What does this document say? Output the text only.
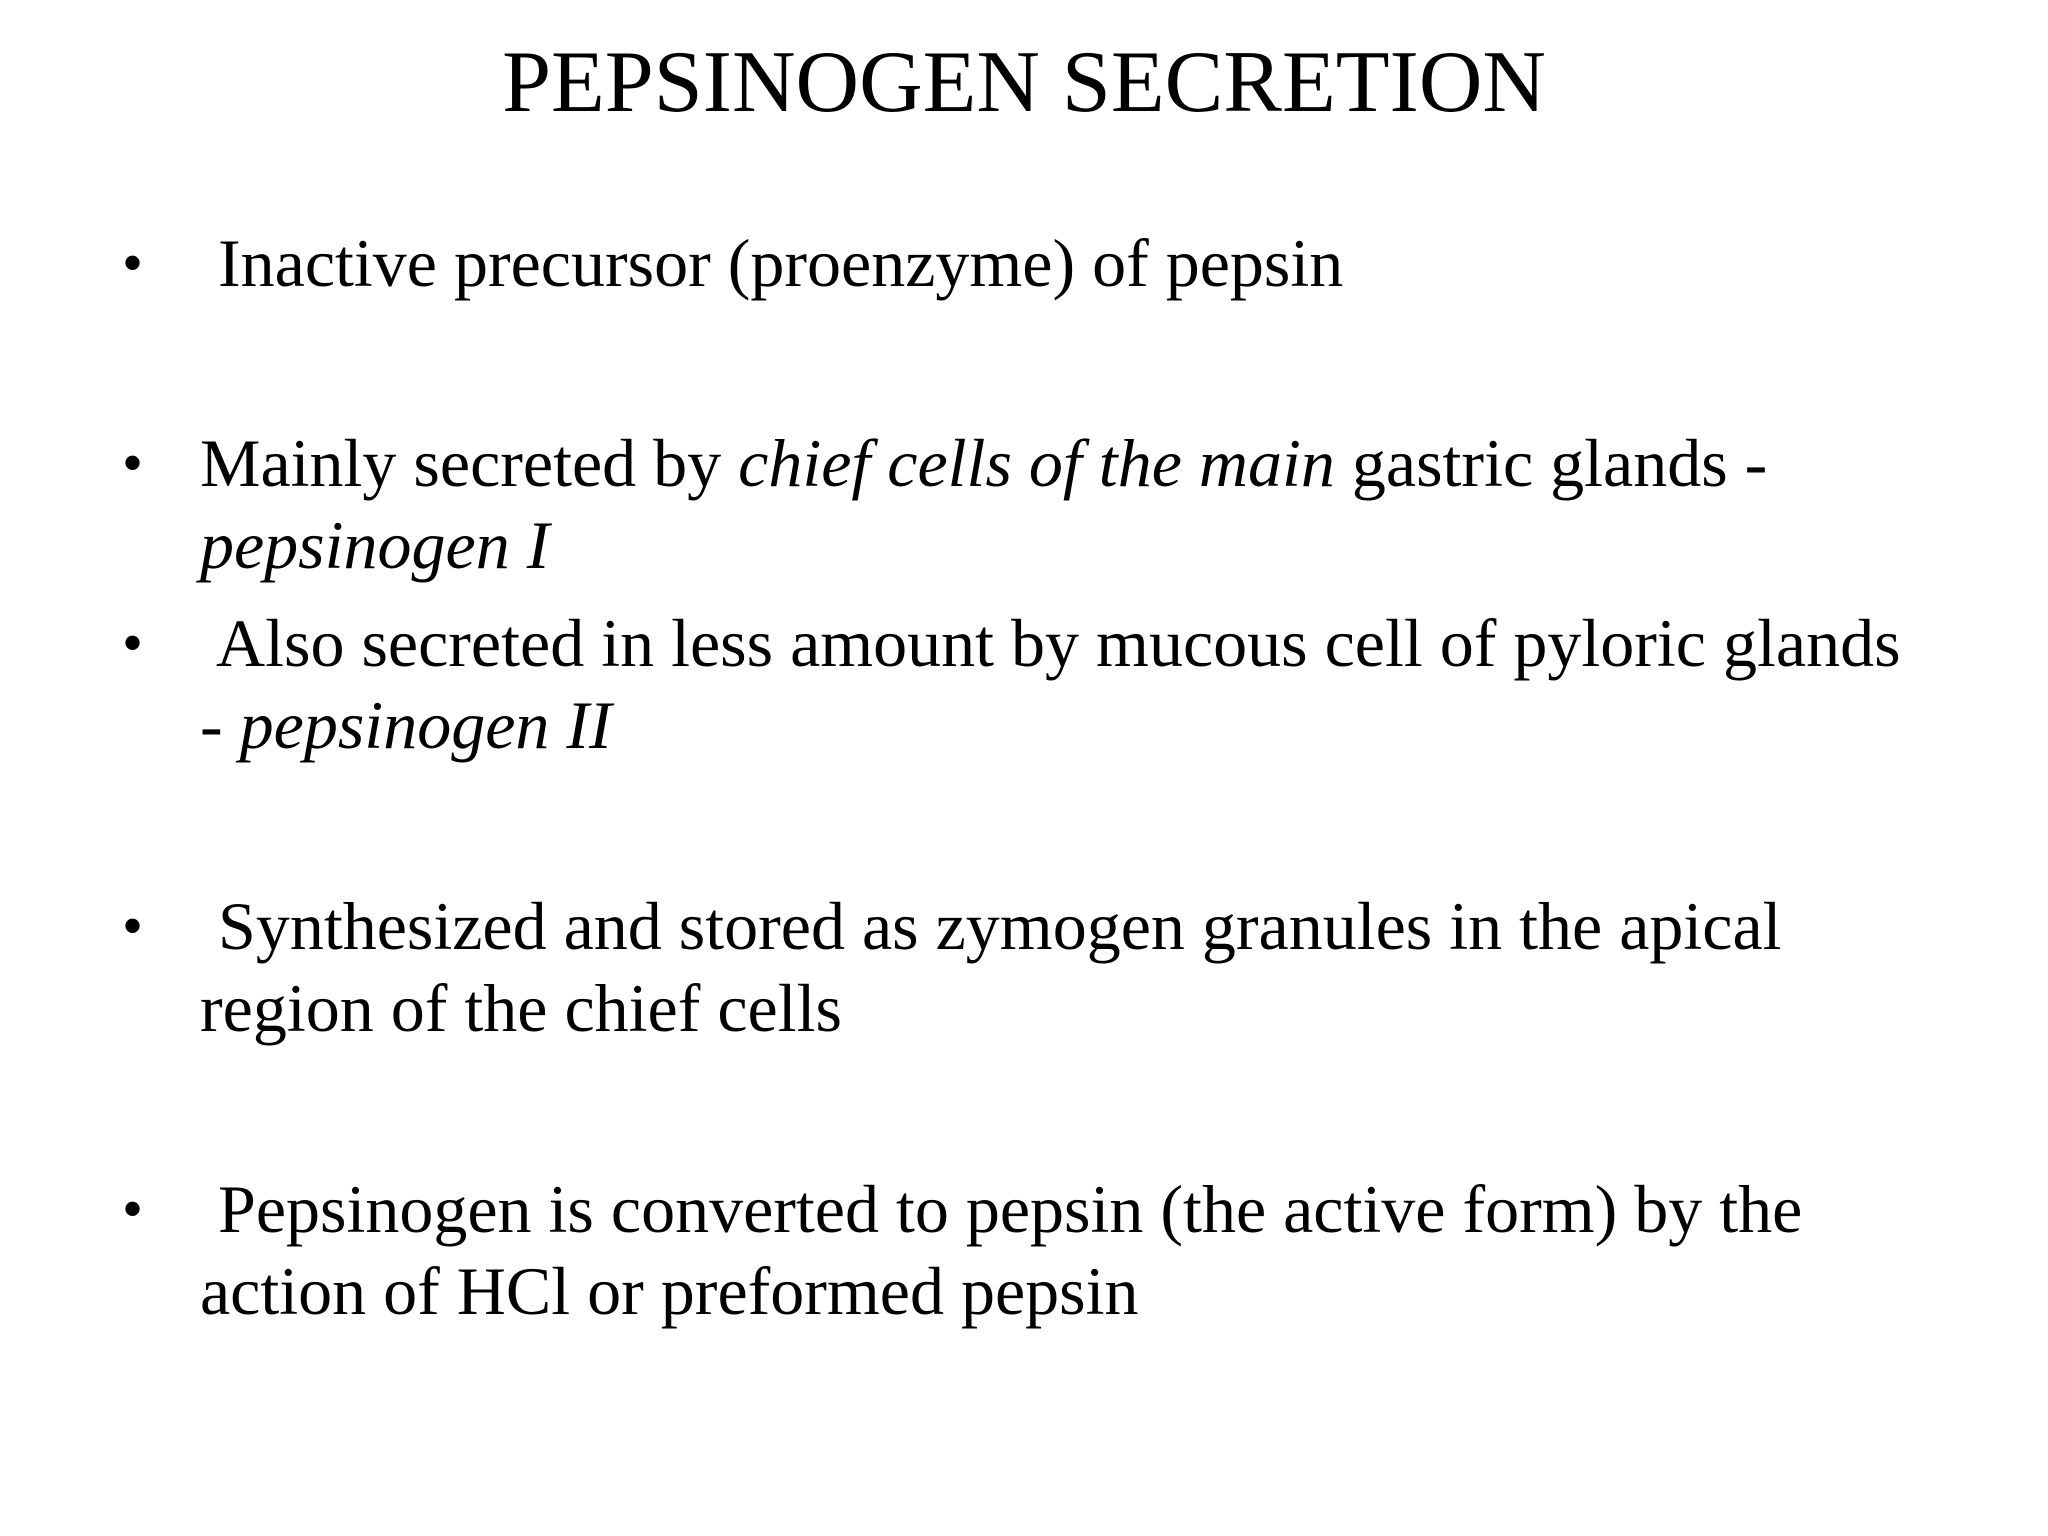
PEPSINOGEN SECRETION
• Inactive precursor (proenzyme) of pepsin
• Mainly secreted by chief cells of the main gastric glands -
pepsinogen I
• Also secreted in less amount by mucous cell of pyloric glands
- pepsinogen II
• Synthesized and stored as zymogen granules in the apical
region of the chief cells
• Pepsinogen is converted to pepsin (the active form) by the
action of HCl or preformed pepsin
